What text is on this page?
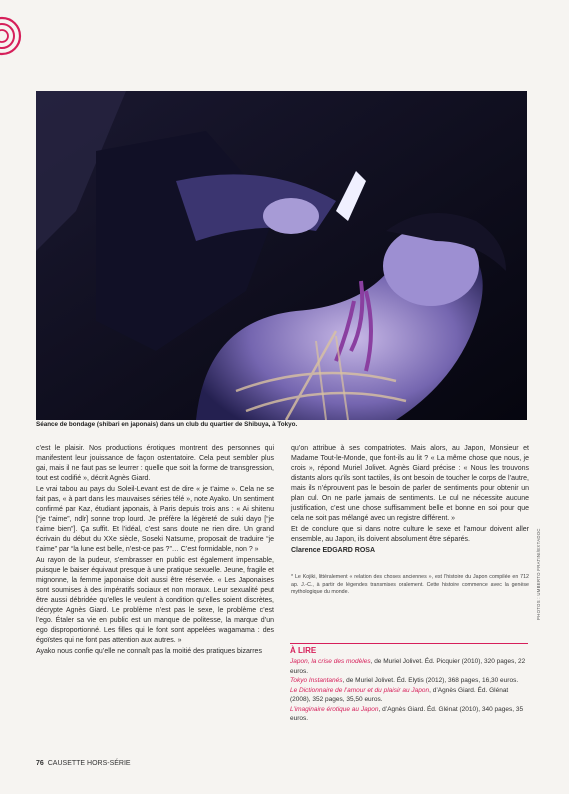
Séance de bondage (shibari en japonais) dans un club du quartier de Shibuya, à Tokyo.

c’est le plaisir. Nos productions érotiques montrent des personnes qui manifestent leur jouissance de façon ostentatoire. Cela peut sembler plus gai, mais il ne faut pas se leurrer : quelle que soit la forme de transgression, tout est codifié », décrit Agnès Giard.

Le vrai tabou au pays du Soleil-Levant est de dire « je t’aime ». Cela ne se fait pas, « à part dans les mauvaises séries télé », note Ayako. Un sentiment confirmé par Kaz, étudiant japonais, à Paris depuis trois ans : « Ai shitenu [“je t’aime”, ndlr] sonne trop lourd. Je préfère la légèreté de suki dayo [“je t’aime bien”]. Ça suffit. Et l’idéal, c’est sans doute ne rien dire. Un grand écrivain du début du XXe siècle, Soseki Natsume, proposait de traduire “je t’aime” par “la lune est belle, n’est-ce pas ?”… C’est formidable, non ? »

Au rayon de la pudeur, s’embrasser en public est également impensable, puisque le baiser équivaut presque à une pratique sexuelle. Jeune, fragile et mignonne, la femme japonaise doit aussi être réservée. « Les Japonaises sont soumises à des impératifs sociaux et non moraux. Leur sexualité peut être aussi débridée qu’elles le veulent à condition qu’elles soient discrètes, décrypte Agnès Giard. Le problème n’est pas le sexe, le problème c’est l’ego. Étaler sa vie en public est un manque de politesse, la marque d’un ego disproportionné. Les filles qui le font sont appelées wagamama : des égoïstes qui ne font pas attention aux autres. »

Ayako nous confie qu’elle ne connaît pas la moitié des pratiques bizarres

qu’on attribue à ses compatriotes. Mais alors, au Japon, Monsieur et Madame Tout-le-Monde, que font-ils au lit ? « La même chose que nous, je crois », répond Muriel Jolivet. Agnès Giard précise : « Nous les trouvons distants alors qu’ils sont tactiles, ils ont besoin de toucher le corps de l’autre, mais ils n’éprouvent pas le besoin de parler de sentiments pour obtenir un plan cul. On ne parle jamais de sentiments. Le cul ne nécessite aucune justification, c’est une chose suffisamment belle et bonne en soi pour que cela ne soit pas mélangé avec un registre différent. »

Et de conclure que si dans notre culture le sexe et l’amour doivent aller ensemble, au Japon, ils doivent absolument être séparés.

Clarence EDGARD ROSA
* Le Kojiki, littéralement « relation des choses anciennes », est l’histoire du Japon compilée en 712 ap. J.-C., à partir de légendes transmises oralement. Cette histoire commence avec la genèse mythologique du monde.
À LIRE
Japon, la crise des modèles, de Muriel Jolivet. Éd. Picquier (2010), 320 pages, 22 euros.
Tokyo Instantanés, de Muriel Jolivet. Éd. Elytis (2012), 368 pages, 16,30 euros.
Le Dictionnaire de l’amour et du plaisir au Japon, d’Agnès Giard. Éd. Glénat (2008), 352 pages, 35,50 euros.
L’imaginaire érotique au Japon, d’Agnès Giard. Éd. Glénat (2010), 340 pages, 35 euros.
PHOTOS : UMBERTO FRATINI/EXTADOC
76 CAUSETTE HORS-SÉRIE
